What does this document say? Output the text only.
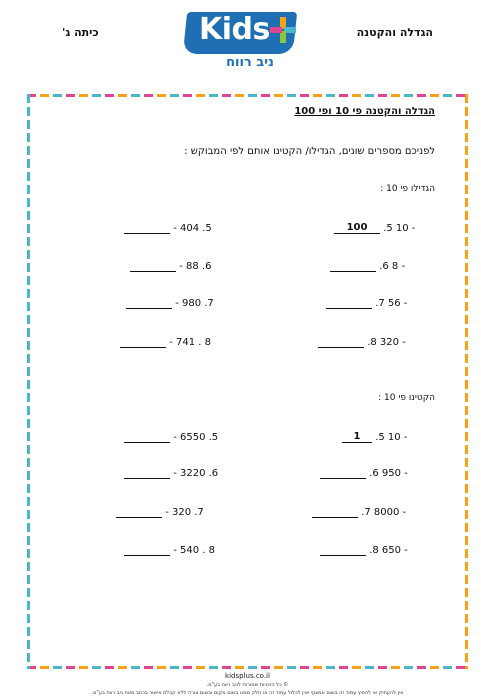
הגדלה והקטנה
כיתה ג'	Kids
ניב רווח
הגדלה והקטנה פי 10 ופי 100
לפניכם מספרים שונים, הגדילו/ הקטינו אותם לפי המבוקש :
הגדילו פי 10 :
הקטינו פי 10 :
100 .5 10 -
.6 8 -
.7 56 -
.8 320 -
- 404 .5
- 88 .6
- 980 .7
- 741 . 8
1 .5 10 -
.6 950 -
.7 8000 -
.8 650 -
- 6550 .5
- 3220 .6
- 320 .7
- 540 . 8
kidsplus.co.il
© כל הזכויות שמורות לניב רווח בע"מ.
אין להעתיק או להפיץ עמוד זה בשום אמצעי ואין לכלול עמוד זה או חלק ממנו בשום מקום ובשום צורה ללא קבלת אישור בכתב מאת ניב רווח בע"מ.
